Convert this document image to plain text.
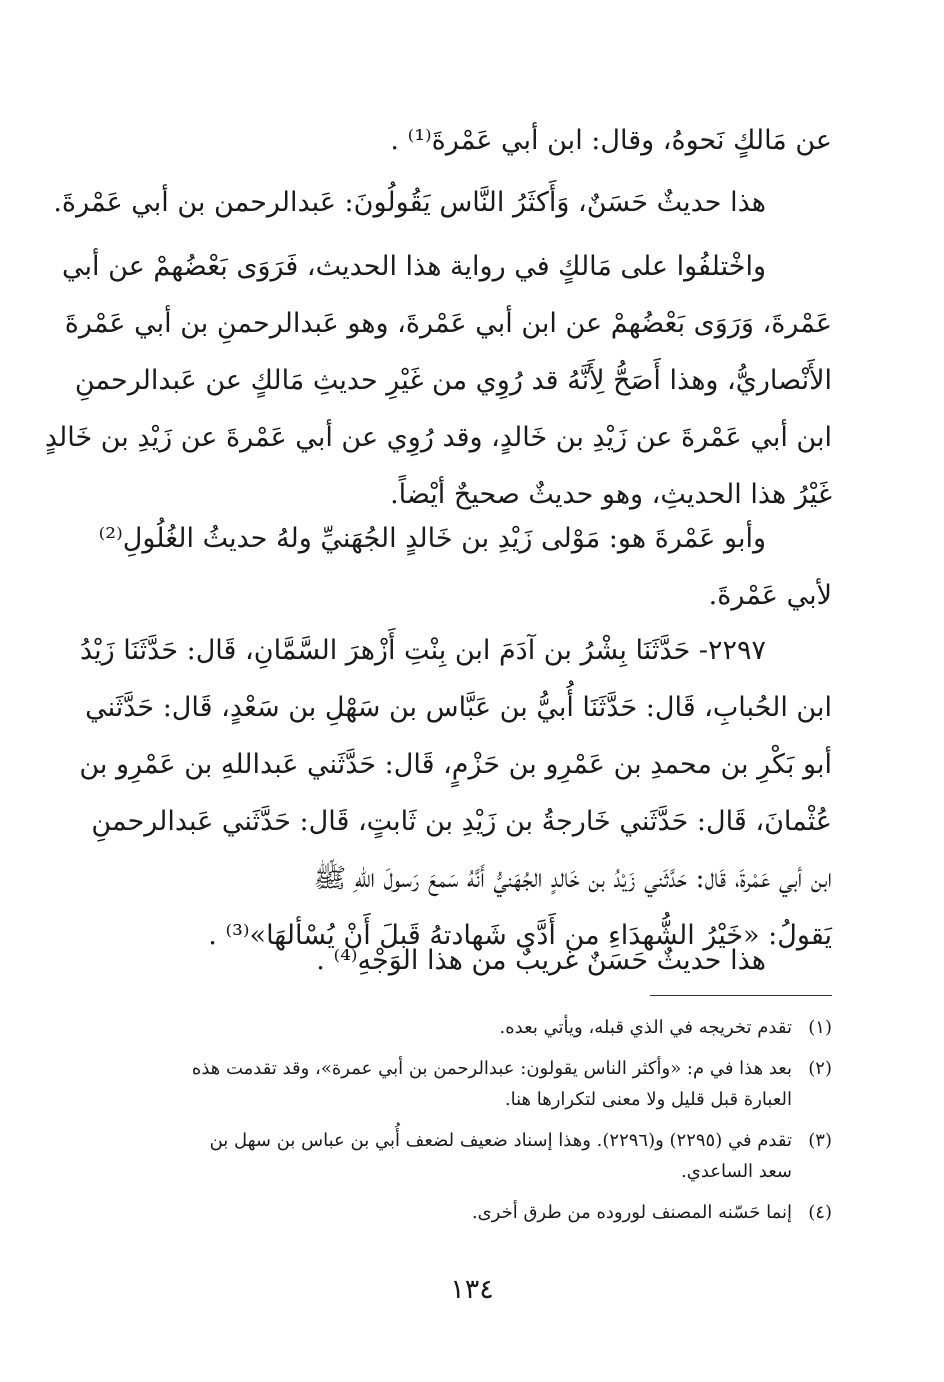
عن مَالكٍ نَحوهُ، وقال: ابن أبي عَمْرةَ⁽¹⁾ .

هذا حديثٌ حَسَنٌ، وَأَكثَرُ النَّاس يَقُولُونَ: عَبدالرحمن بن أبي عَمْرةَ.

واخْتلفُوا على مَالكٍ في رواية هذا الحديث، فَرَوَى بَعْضُهمْ عن أبي
عَمْرةَ، وَرَوَى بَعْضُهمْ عن ابن أبي عَمْرةَ، وهو عَبدالرحمنِ بن أبي عَمْرةَ
الأَنْصاريُّ، وهذا أَصَحُّ لِأَنَّهُ قد رُوِي من غَيْرِ حديثِ مَالكٍ عن عَبدالرحمنِ
ابن أبي عَمْرةَ عن زَيْدِ بن خَالدٍ، وقد رُوِي عن أبي عَمْرةَ عن زَيْدِ بن خَالدٍ
غَيْرُ هذا الحديثِ، وهو حديثٌ صحيحٌ أيْضاً.

وأبو عَمْرةَ هو: مَوْلى زَيْدِ بن خَالدٍ الجُهَنيِّ ولهُ حديثُ الغُلُولِ⁽²⁾
لأبي عَمْرةَ.

٢٢٩٧- حَدَّثَنَا بِشْرُ بن آدَمَ ابن بِنْتِ أَزْهرَ السَّمَّانِ، قَال: حَدَّثَنَا زَيْدُ
ابن الحُبابِ، قَال: حَدَّثَنَا أُبيُّ بن عَبَّاس بن سَهْلِ بن سَعْدٍ، قَال: حَدَّثَني
أبو بَكْرِ بن محمدِ بن عَمْرِو بن حَزْمٍ، قَال: حَدَّثَني عَبداللهِ بن عَمْرِو بن
عُثْمانَ، قَال: حَدَّثَني خَارجةُ بن زَيْدِ بن ثَابتٍ، قَال: حَدَّثَني عَبدالرحمنِ
ابن أبي عَمْرةَ، قَال: حَدَّثَني زَيْدُ بن خَالدٍ الجُهَنيُّ أَنَّهُ سَمعَ رَسولَ اللهِ ﷺ
يَقولُ: «خَيْرُ الشُّهدَاءِ من أَدَّى شَهادتهُ قَبلَ أَنْ يُسْألهَا»⁽³⁾ .

هذا حديثٌ حَسَنٌ غريبٌ من هذا الوَجْهِ⁽⁴⁾ .

(١)
تقدم تخريجه في الذي قبله، ويأتي بعده.
(٢)
بعد هذا في م: «وأكثر الناس يقولون: عبدالرحمن بن أبي عمرة»، وقد تقدمت هذه
العبارة قبل قليل ولا معنى لتكرارها هنا.
(٣)
تقدم في (٢٢٩٥) و(٢٢٩٦). وهذا إسناد ضعيف لضعف أُبي بن عباس بن سهل بن
سعد الساعدي.
(٤)
إنما حَسّنه المصنف لوروده من طرق أخرى.
١٣٤
